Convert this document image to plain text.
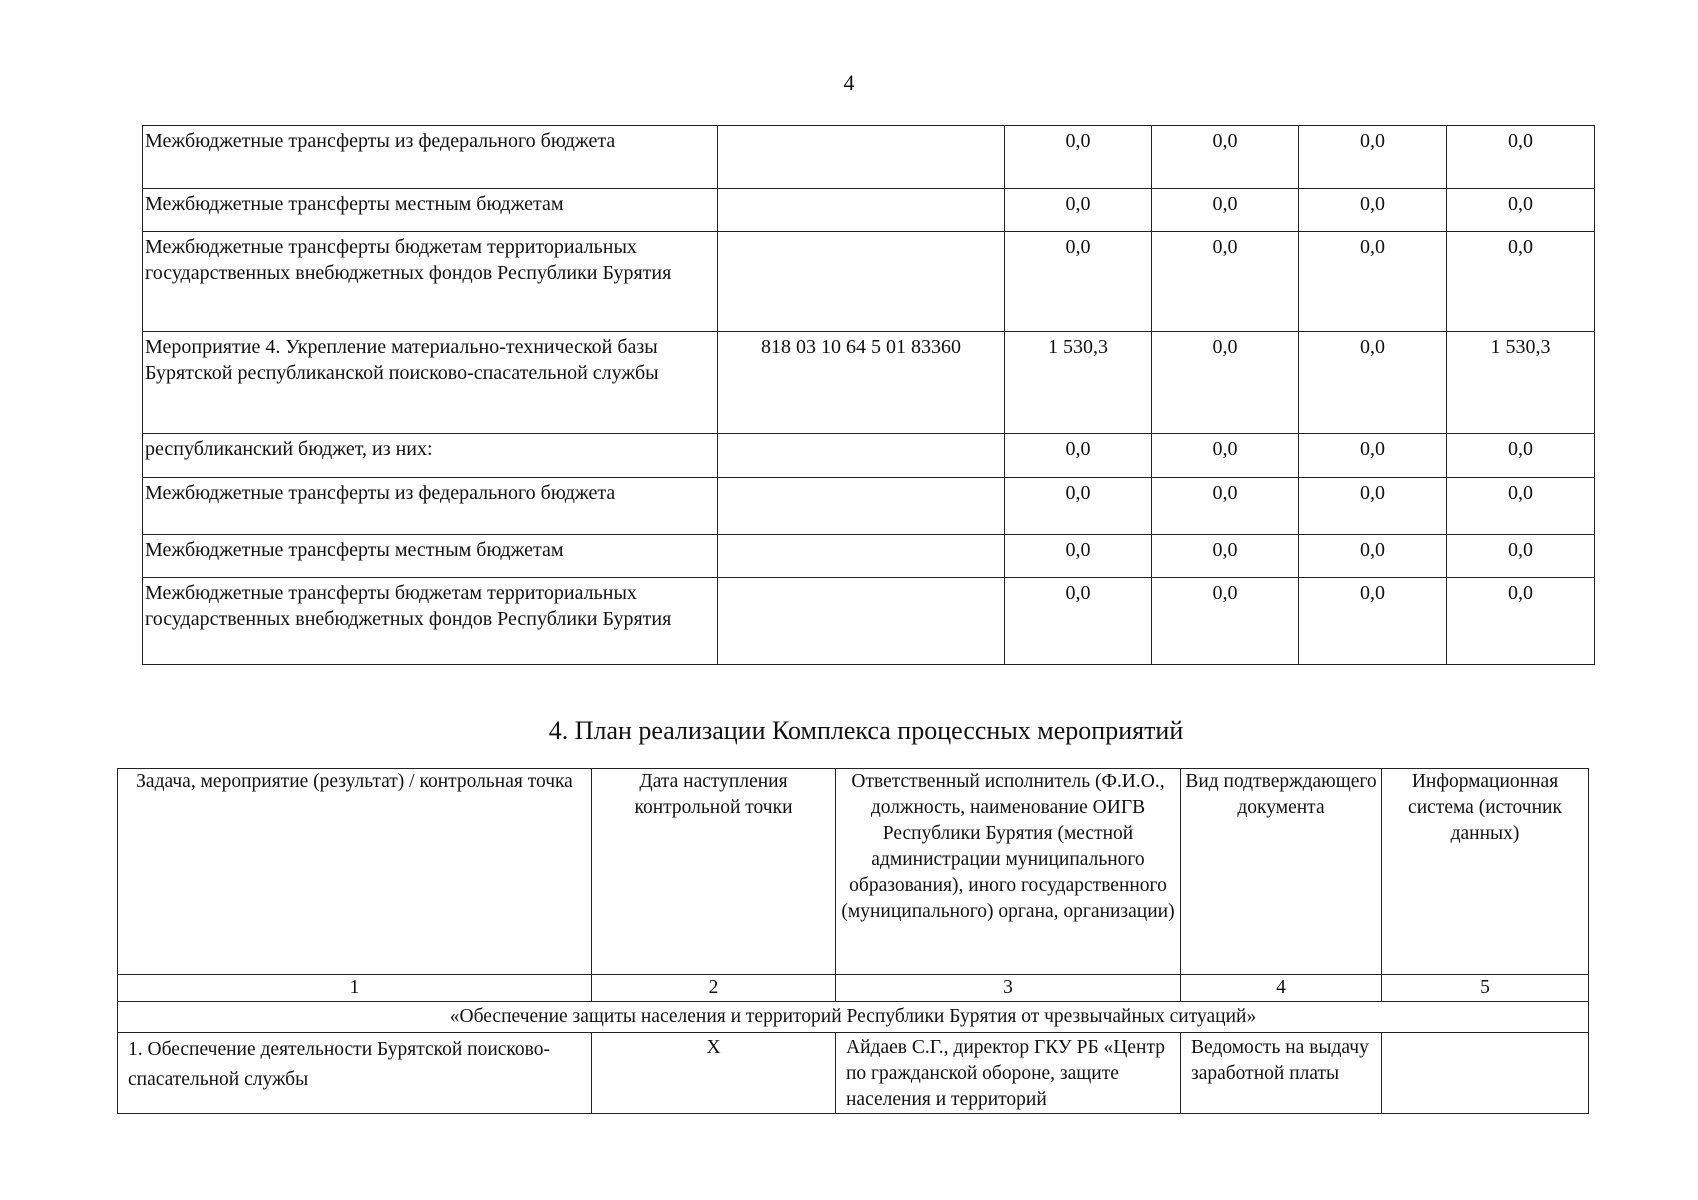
4
Межбюджетные трансферты из федерального бюджета		0,0	0,0	0,0	0,0
Межбюджетные трансферты местным бюджетам		0,0	0,0	0,0	0,0
Межбюджетные трансферты бюджетам территориальных государственных внебюджетных фондов Республики Бурятия		0,0	0,0	0,0	0,0
Мероприятие 4. Укрепление материально-технической базы Бурятской республиканской поисково-спасательной службы	818 03 10 64 5 01 83360	1 530,3	0,0	0,0	1 530,3
республиканский бюджет, из них:		0,0	0,0	0,0	0,0
Межбюджетные трансферты из федерального бюджета		0,0	0,0	0,0	0,0
Межбюджетные трансферты местным бюджетам		0,0	0,0	0,0	0,0
Межбюджетные трансферты бюджетам территориальных государственных внебюджетных фондов Республики Бурятия		0,0	0,0	0,0	0,0
4. План реализации Комплекса процессных мероприятий
Задача, мероприятие (результат) / контрольная точка	Дата наступления контрольной точки	Ответственный исполнитель (Ф.И.О., должность, наименование ОИГВ Республики Бурятия (местной администрации муниципального образования), иного государственного (муниципального) органа, организации)	Вид подтверждающего документа	Информационная система (источник данных)
1	2	3	4	5
«Обеспечение защиты населения и территорий Республики Бурятия от чрезвычайных ситуаций»				
1. Обеспечение деятельности Бурятской поисково-спасательной службы	Х	Айдаев С.Г., директор ГКУ РБ «Центр по гражданской обороне, защите населения и территорий	Ведомость на выдачу заработной платы	
